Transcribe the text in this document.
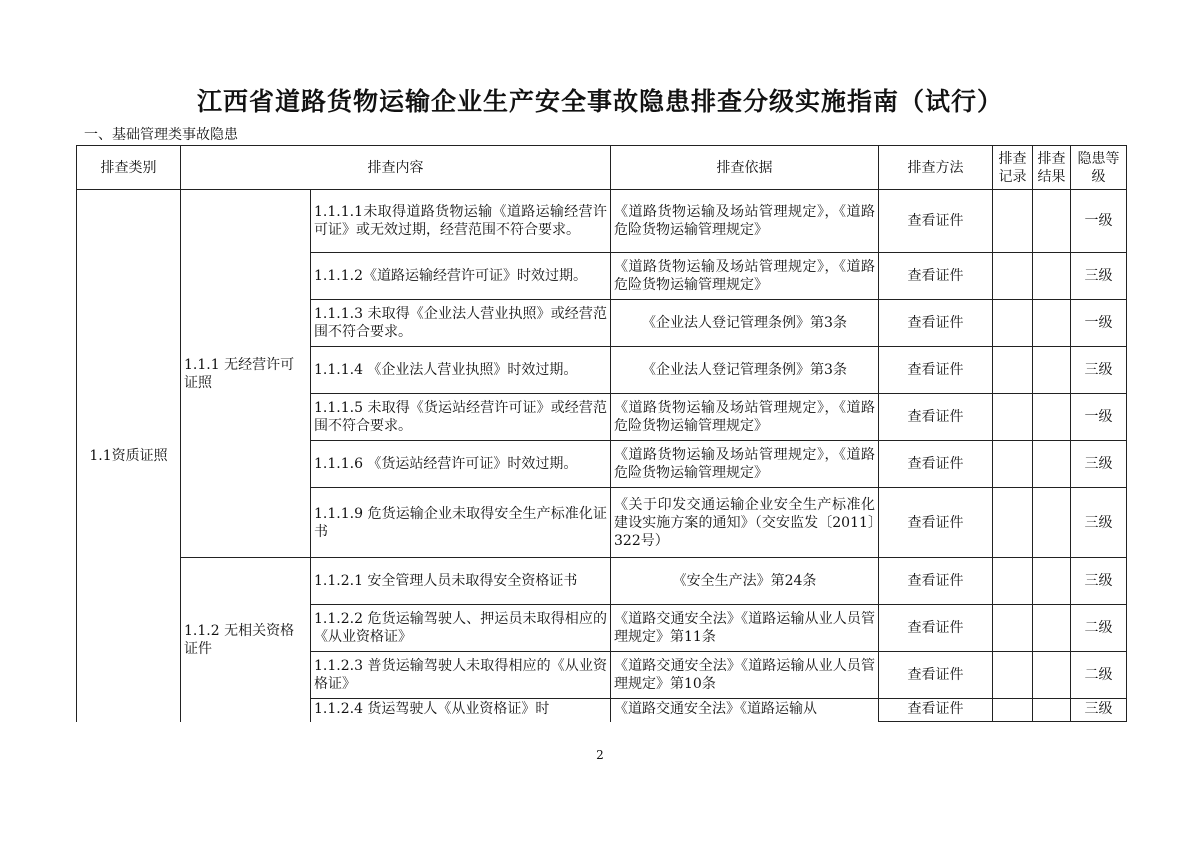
江西省道路货物运输企业生产安全事故隐患排查分级实施指南（试行）
一、基础管理类事故隐患
排查类别	排查内容		排查依据	排查方法	排查记录	排查结果	隐患等级
1.1资质证照	1.1.1 无经营许可证照	1.1.1.1未取得道路货物运输《道路运输经营许可证》或无效过期，经营范围不符合要求。	《道路货物运输及场站管理规定》，《道路危险货物运输管理规定》	查看证件			一级
		1.1.1.2《道路运输经营许可证》时效过期。	《道路货物运输及场站管理规定》，《道路危险货物运输管理规定》	查看证件			三级
		1.1.1.3 未取得《企业法人营业执照》或经营范围不符合要求。	《企业法人登记管理条例》第3条	查看证件			一级
		1.1.1.4 《企业法人营业执照》时效过期。	《企业法人登记管理条例》第3条	查看证件			三级
		1.1.1.5 未取得《货运站经营许可证》或经营范围不符合要求。	《道路货物运输及场站管理规定》，《道路危险货物运输管理规定》	查看证件			一级
		1.1.1.6 《货运站经营许可证》时效过期。	《道路货物运输及场站管理规定》，《道路危险货物运输管理规定》	查看证件			三级
		1.1.1.9 危货运输企业未取得安全生产标准化证书	《关于印发交通运输企业安全生产标准化建设实施方案的通知》（交安监发〔2011〕322号）	查看证件			三级
	1.1.2 无相关资格证件	1.1.2.1 安全管理人员未取得安全资格证书	《安全生产法》第24条	查看证件			三级
		1.1.2.2 危货运输驾驶人、押运员未取得相应的《从业资格证》	《道路交通安全法》《道路运输从业人员管理规定》第11条	查看证件			二级
		1.1.2.3 普货运输驾驶人未取得相应的《从业资格证》	《道路交通安全法》《道路运输从业人员管理规定》第10条	查看证件			二级
		1.1.2.4 货运驾驶人《从业资格证》时	《道路交通安全法》《道路运输从	查看证件			三级
2
